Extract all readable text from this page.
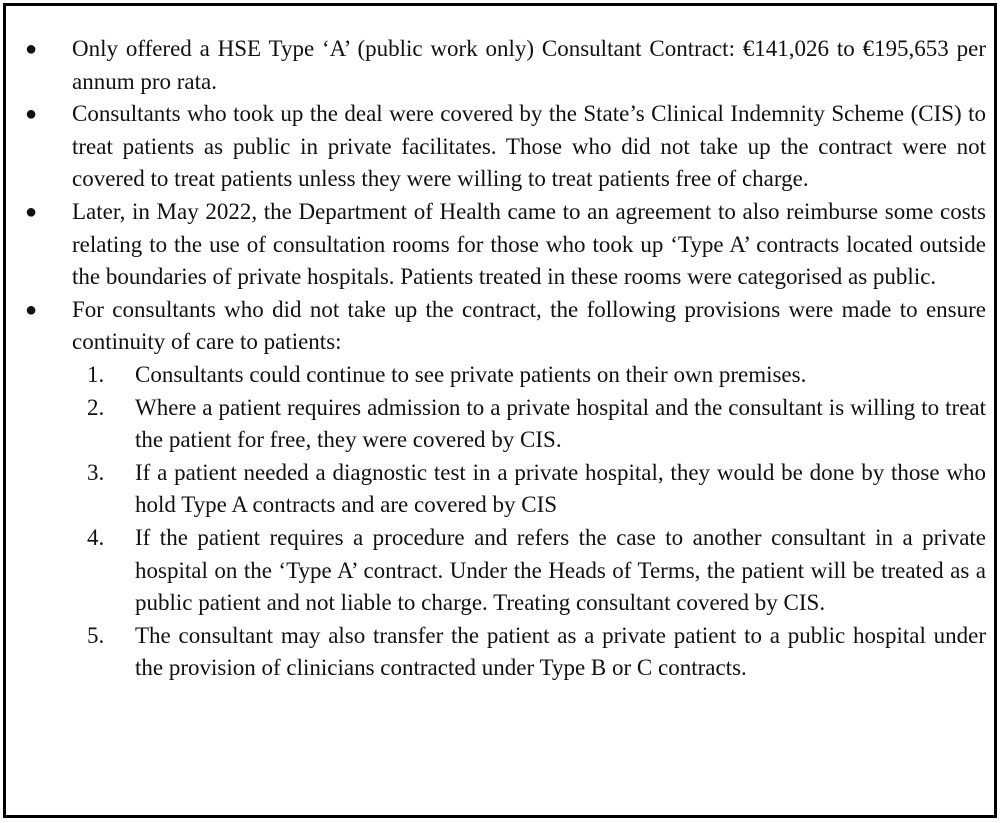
● Only offered a HSE Type ‘A’ (public work only) Consultant Contract: €141,026 to €195,653 per annum pro rata.
● Consultants who took up the deal were covered by the State’s Clinical Indemnity Scheme (CIS) to treat patients as public in private facilitates. Those who did not take up the contract were not covered to treat patients unless they were willing to treat patients free of charge.
● Later, in May 2022, the Department of Health came to an agreement to also reimburse some costs relating to the use of consultation rooms for those who took up ‘Type A’ contracts located outside the boundaries of private hospitals. Patients treated in these rooms were categorised as public.
● For consultants who did not take up the contract, the following provisions were made to ensure continuity of care to patients:
1.	Consultants could continue to see private patients on their own premises.
2.	Where a patient requires admission to a private hospital and the consultant is willing to treat the patient for free, they were covered by CIS.
3.	If a patient needed a diagnostic test in a private hospital, they would be done by those who hold Type A contracts and are covered by CIS
4.	If the patient requires a procedure and refers the case to another consultant in a private hospital on the ‘Type A’ contract. Under the Heads of Terms, the patient will be treated as a public patient and not liable to charge. Treating consultant covered by CIS.
5.	The consultant may also transfer the patient as a private patient to a public hospital under the provision of clinicians contracted under Type B or C contracts.
